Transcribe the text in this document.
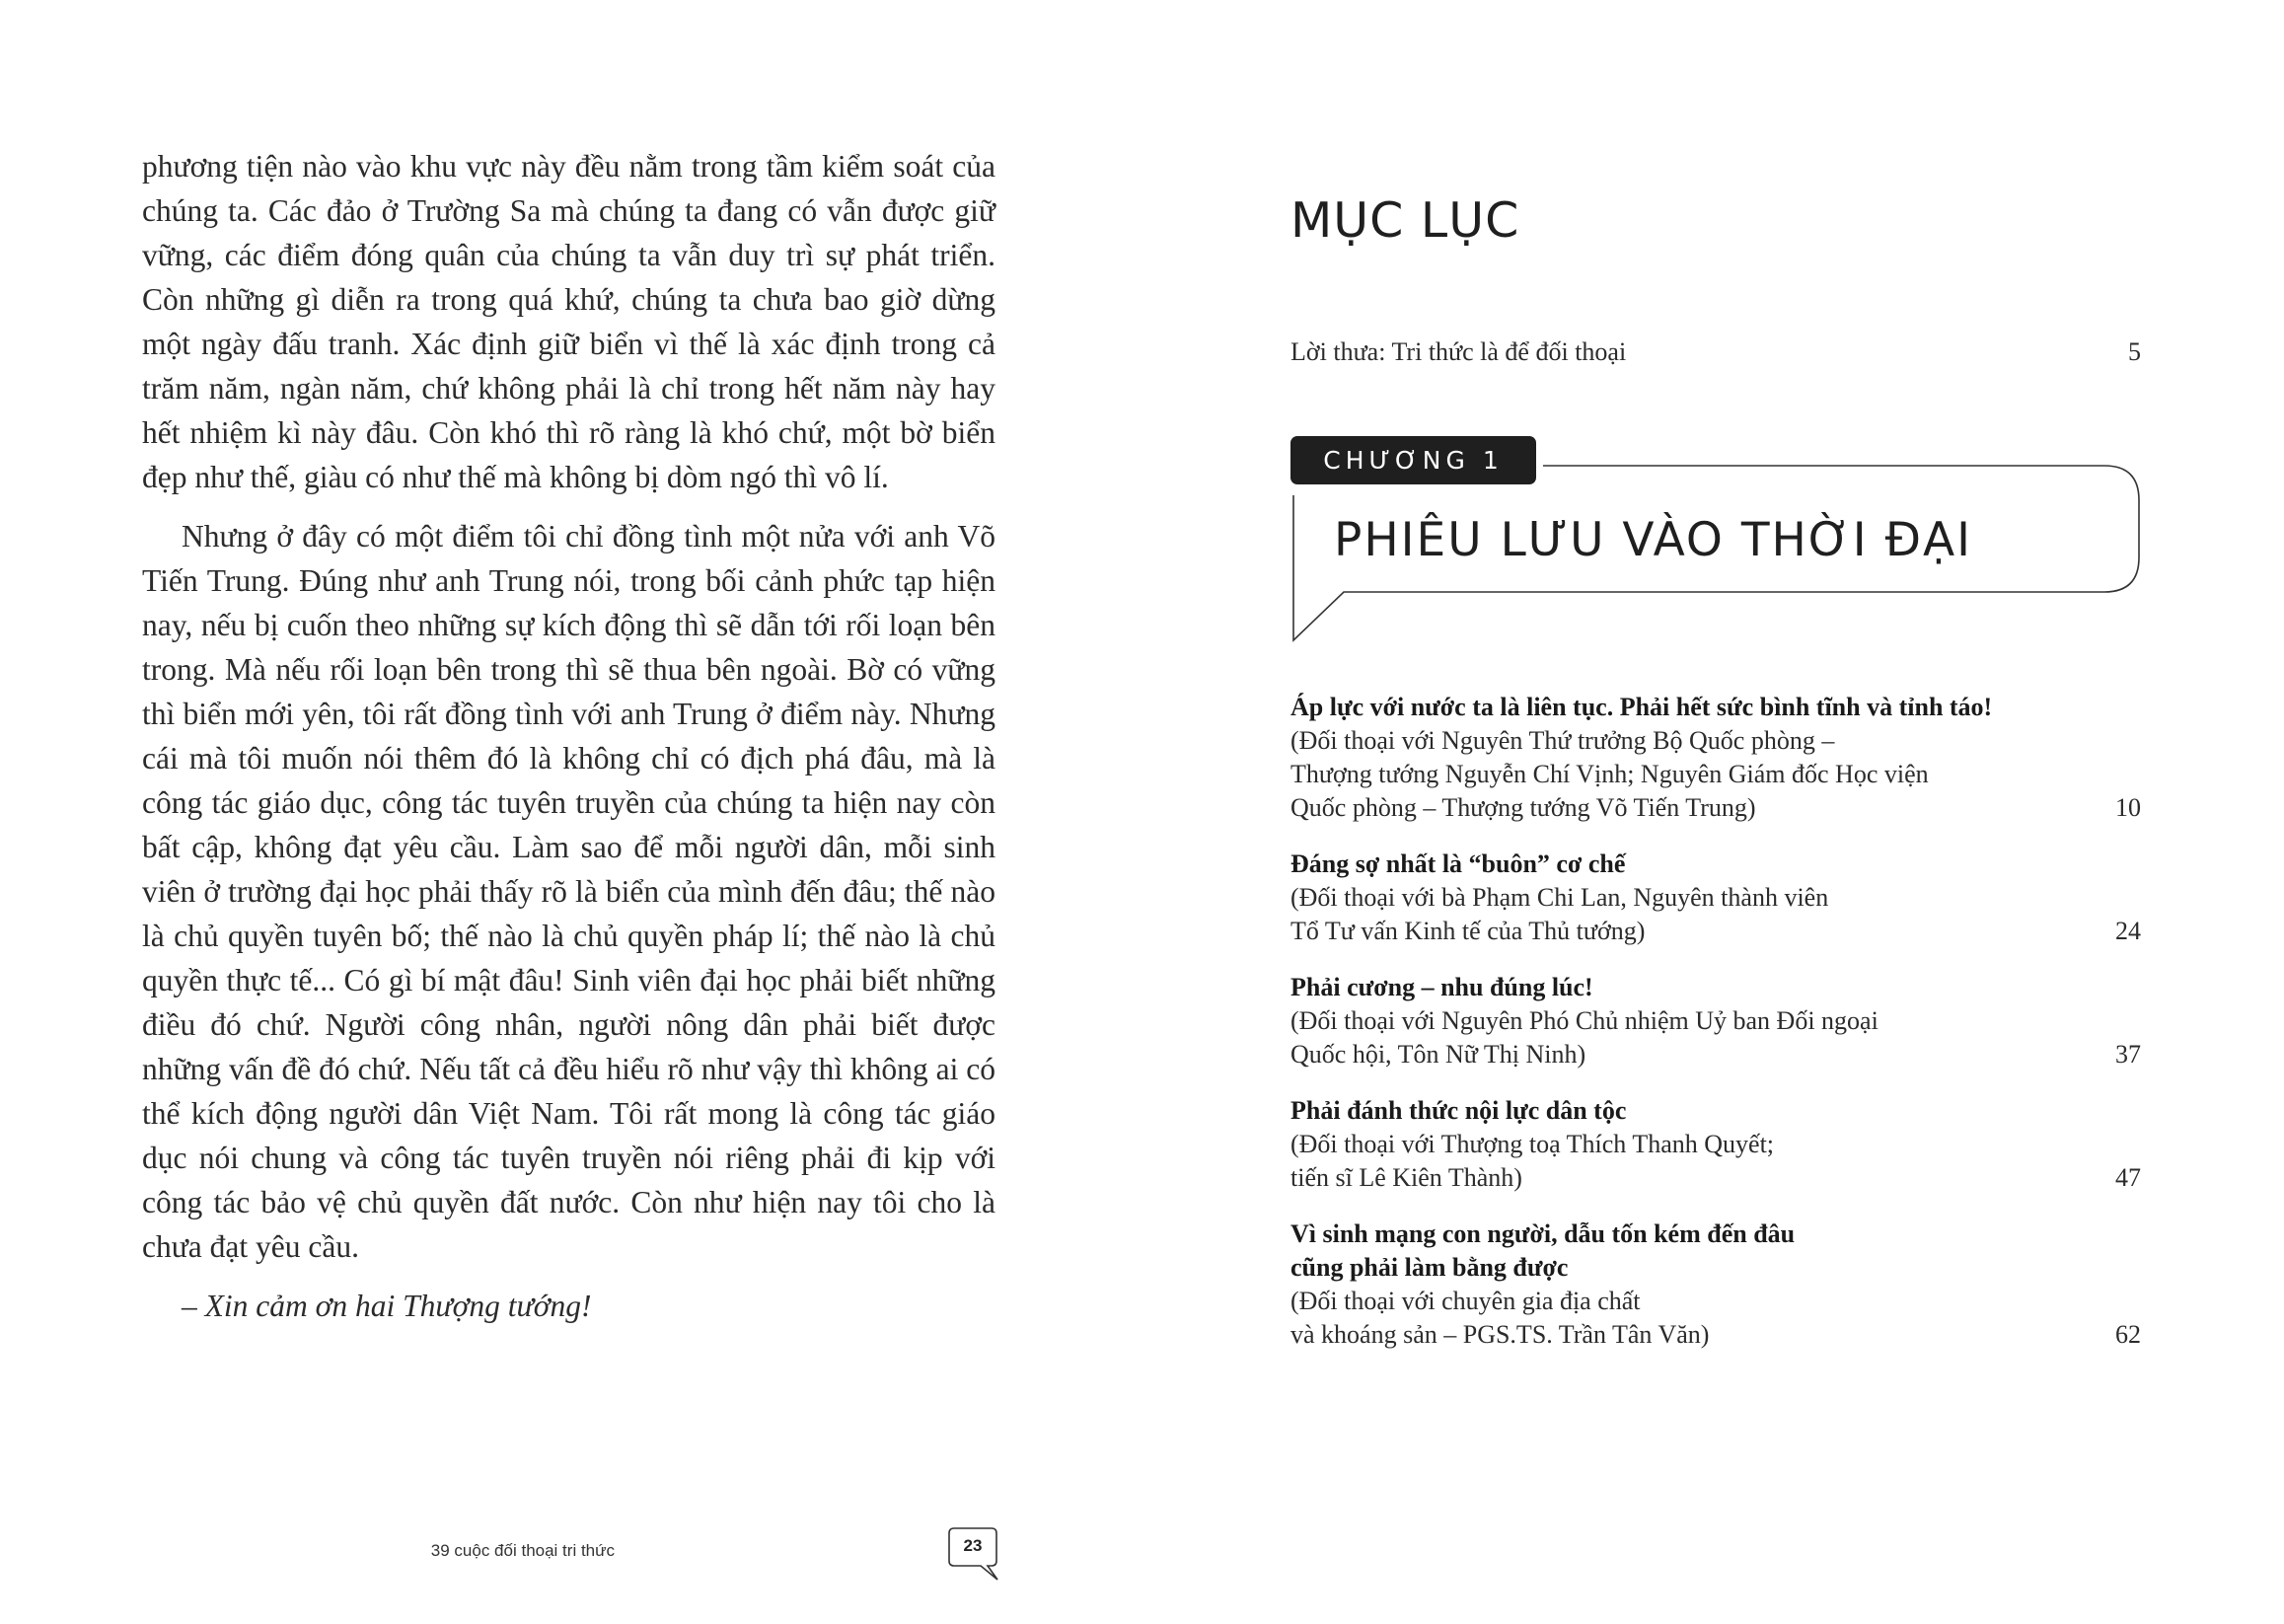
phương tiện nào vào khu vực này đều nằm trong tầm kiểm soát của chúng ta. Các đảo ở Trường Sa mà chúng ta đang có vẫn được giữ vững, các điểm đóng quân của chúng ta vẫn duy trì sự phát triển. Còn những gì diễn ra trong quá khứ, chúng ta chưa bao giờ dừng một ngày đấu tranh. Xác định giữ biển vì thế là xác định trong cả trăm năm, ngàn năm, chứ không phải là chỉ trong hết năm này hay hết nhiệm kì này đâu. Còn khó thì rõ ràng là khó chứ, một bờ biển đẹp như thế, giàu có như thế mà không bị dòm ngó thì vô lí.

Nhưng ở đây có một điểm tôi chỉ đồng tình một nửa với anh Võ Tiến Trung. Đúng như anh Trung nói, trong bối cảnh phức tạp hiện nay, nếu bị cuốn theo những sự kích động thì sẽ dẫn tới rối loạn bên trong. Mà nếu rối loạn bên trong thì sẽ thua bên ngoài. Bờ có vững thì biển mới yên, tôi rất đồng tình với anh Trung ở điểm này. Nhưng cái mà tôi muốn nói thêm đó là không chỉ có địch phá đâu, mà là công tác giáo dục, công tác tuyên truyền của chúng ta hiện nay còn bất cập, không đạt yêu cầu. Làm sao để mỗi người dân, mỗi sinh viên ở trường đại học phải thấy rõ là biển của mình đến đâu; thế nào là chủ quyền tuyên bố; thế nào là chủ quyền pháp lí; thế nào là chủ quyền thực tế... Có gì bí mật đâu! Sinh viên đại học phải biết những điều đó chứ. Người công nhân, người nông dân phải biết được những vấn đề đó chứ. Nếu tất cả đều hiểu rõ như vậy thì không ai có thể kích động người dân Việt Nam. Tôi rất mong là công tác giáo dục nói chung và công tác tuyên truyền nói riêng phải đi kịp với công tác bảo vệ chủ quyền đất nước. Còn như hiện nay tôi cho là chưa đạt yêu cầu.

– Xin cảm ơn hai Thượng tướng!

39 cuộc đối thoại tri thức	23
MỤC LỤC
Lời thưa: Tri thức là để đối thoại	5
CHƯƠNG 1
PHIÊU LƯU VÀO THỜI ĐẠI
Áp lực với nước ta là liên tục. Phải hết sức bình tĩnh và tỉnh táo!
(Đối thoại với Nguyên Thứ trưởng Bộ Quốc phòng –
Thượng tướng Nguyễn Chí Vịnh; Nguyên Giám đốc Học viện
Quốc phòng – Thượng tướng Võ Tiến Trung)	10
Đáng sợ nhất là “buôn” cơ chế
(Đối thoại với bà Phạm Chi Lan, Nguyên thành viên
Tổ Tư vấn Kinh tế của Thủ tướng)	24
Phải cương – nhu đúng lúc!
(Đối thoại với Nguyên Phó Chủ nhiệm Uỷ ban Đối ngoại
Quốc hội, Tôn Nữ Thị Ninh)	37
Phải đánh thức nội lực dân tộc
(Đối thoại với Thượng toạ Thích Thanh Quyết;
tiến sĩ Lê Kiên Thành)	47
Vì sinh mạng con người, dẫu tốn kém đến đâu
cũng phải làm bằng được
(Đối thoại với chuyên gia địa chất
và khoáng sản – PGS.TS. Trần Tân Văn)	62
